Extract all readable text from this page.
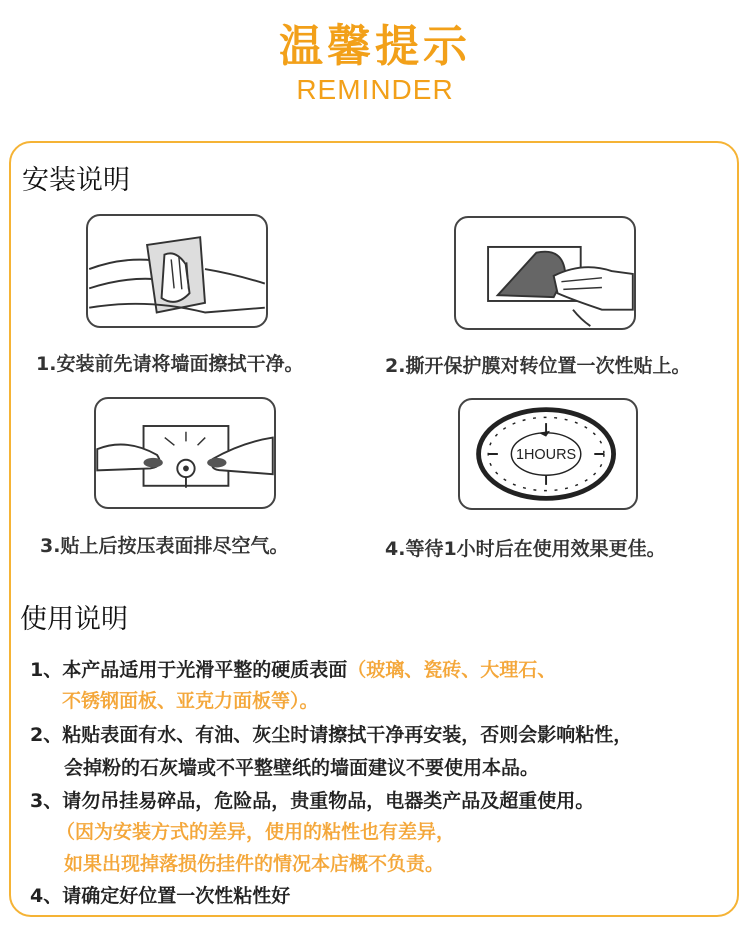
温馨提示
REMINDER
安装说明
1.安装前先请将墙面擦拭干净。	2.撕开保护膜对转位置一次性贴上。
1HOURS
3.贴上后按压表面排尽空气。	4.等待1小时后在使用效果更佳。
使用说明
1、本产品适用于光滑平整的硬质表面（玻璃、瓷砖、大理石、
不锈钢面板、亚克力面板等）。
2、粘贴表面有水、有油、灰尘时请擦拭干净再安装，否则会影响粘性，
会掉粉的石灰墙或不平整壁纸的墙面建议不要使用本品。
3、请勿吊挂易碎品，危险品，贵重物品，电器类产品及超重使用。
（因为安装方式的差异，使用的粘性也有差异，
如果出现掉落损伤挂件的情况本店概不负责。
4、请确定好位置一次性粘性好
